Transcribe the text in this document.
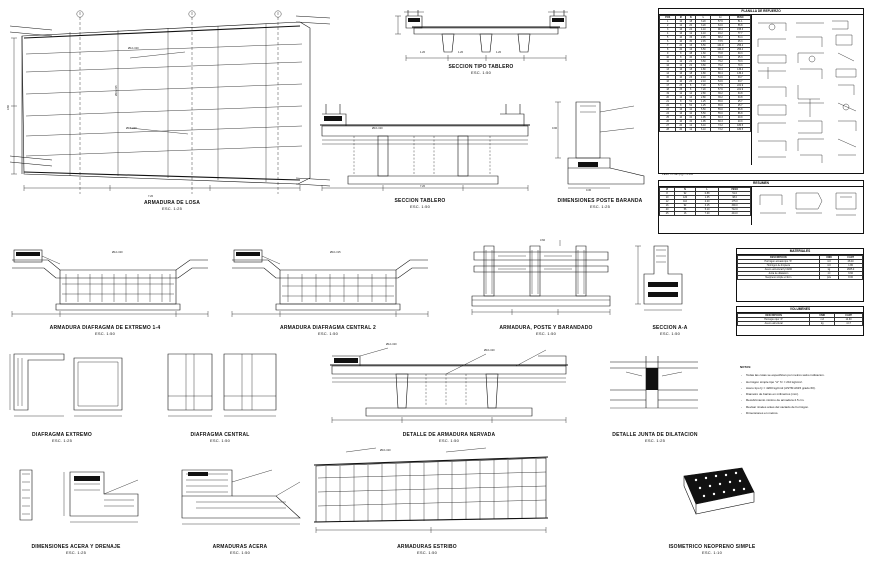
7.20
3.60
Ø12 c/20
Ø16 c/20
Ø10 c/15
ARMADURA DE LOSA
ESC. 1:25
1.20	1.20	1.20
SECCION TIPO TABLERO
ESC. 1:50
Ø16 c/20
7.20
SECCION TABLERO
ESC. 1:50
0.90
0.30
DIMENSIONES POSTE BARANDA
ESC. 1:25
Ø12 c/20
ARMADURA DIAFRAGMA DE EXTREMO 1-4
ESC. 1:50
Ø10 c/15
ARMADURA DIAFRAGMA CENTRAL 2
ESC. 1:50
3.60
ARMADURA, POSTE Y BARANDADO
ESC. 1:50
SECCION A-A
ESC. 1:50
DIAFRAGMA EXTREMO
ESC. 1:25
DIAFRAGMA CENTRAL
ESC. 1:50
Ø12 c/20
Ø16 c/20
DETALLE DE ARMADURA NERVADA
ESC. 1:50
DETALLE JUNTA DE DILATACION
ESC. 1:25
DIMENSIONES ACERA Y DRENAJE
ESC. 1:25
ARMADURAS ACERA
ESC. 1:50
Ø16 c/20
ARMADURAS ESTRIBO
ESC. 1:50
ISOMETRICO NEOPRENO SIMPLE
ESC. 1:10
PLANILLA DE REFUERZO
POS	Ø	N	L	Lt	PESO
1	12	18	3.20	57.6	51.1
2	12	20	3.20	64.0	56.8
3	16	24	4.10	98.4	155.3
4	16	12	4.10	49.2	77.7
5	10	36	2.45	88.2	54.4
6	10	30	2.45	73.5	45.3
7	20	16	6.50	104.0	256.4
8	20	16	6.50	104.0	256.4
9	8	48	1.60	76.8	30.3
10	8	40	1.60	64.0	25.3
11	12	22	3.60	79.2	70.3
12	12	22	3.60	79.2	70.3
13	16	18	4.80	86.4	136.4
14	16	18	4.80	86.4	136.4
15	10	26	2.10	54.6	33.7
16	10	26	2.10	54.6	33.7
17	25	8	7.20	57.6	221.9
18	25	8	7.20	57.6	221.9
19	12	14	2.80	39.2	34.8
20	12	14	2.80	39.2	34.8
21	8	52	1.25	65.0	25.7
22	8	52	1.25	65.0	25.7
23	16	10	5.50	55.0	86.8
24	16	10	5.50	55.0	86.8
25	10	34	1.95	66.3	40.9
26	10	34	1.95	66.3	40.9
27	20	12	6.10	73.2	180.5
28	20	12	6.10	73.2	180.5
PESO TOTAL (Kg) = 2 665
RESUMEN
Ø	N	L	PESO
8	92	0.88	51.0
10	120	1.35	98.0
12	110	2.20	175.0
16	92	3.15	390.0
20	56	5.10	712.0
25	16	7.20	444.0
MATERIALES
DESCRIPCION	UNID	CANT
Hormigon armado tipo "A"	m3	28.40
Hormigon de limpieza	m3	1.80
Acero estructural fy=4200	kg	2665.0
Junta de dilatacion	ml	9.60
Neopreno simple e=2cm	pza	8.00
VOLUMENES
DESCRIPCION	UNID	CANT
Hormigon tipo "A"	m3	14.60
Acero estructural	kg	4.17
NOTAS:
- Todas las cotas se especifican por metros salvo indicacion.
- Hormigon simple tipo "A" f'c = 210 kg/cm2.
- Acero tipo fy = 4200 kg/cm2 (ASTM A615 grado 60).
- Diametro de barras en milimetros (mm).
- Recubrimiento minimo de armadura 2.5 cm.
- Revisar niveles antes del vaciado de hormigon.
- Dimensiones en metros.
